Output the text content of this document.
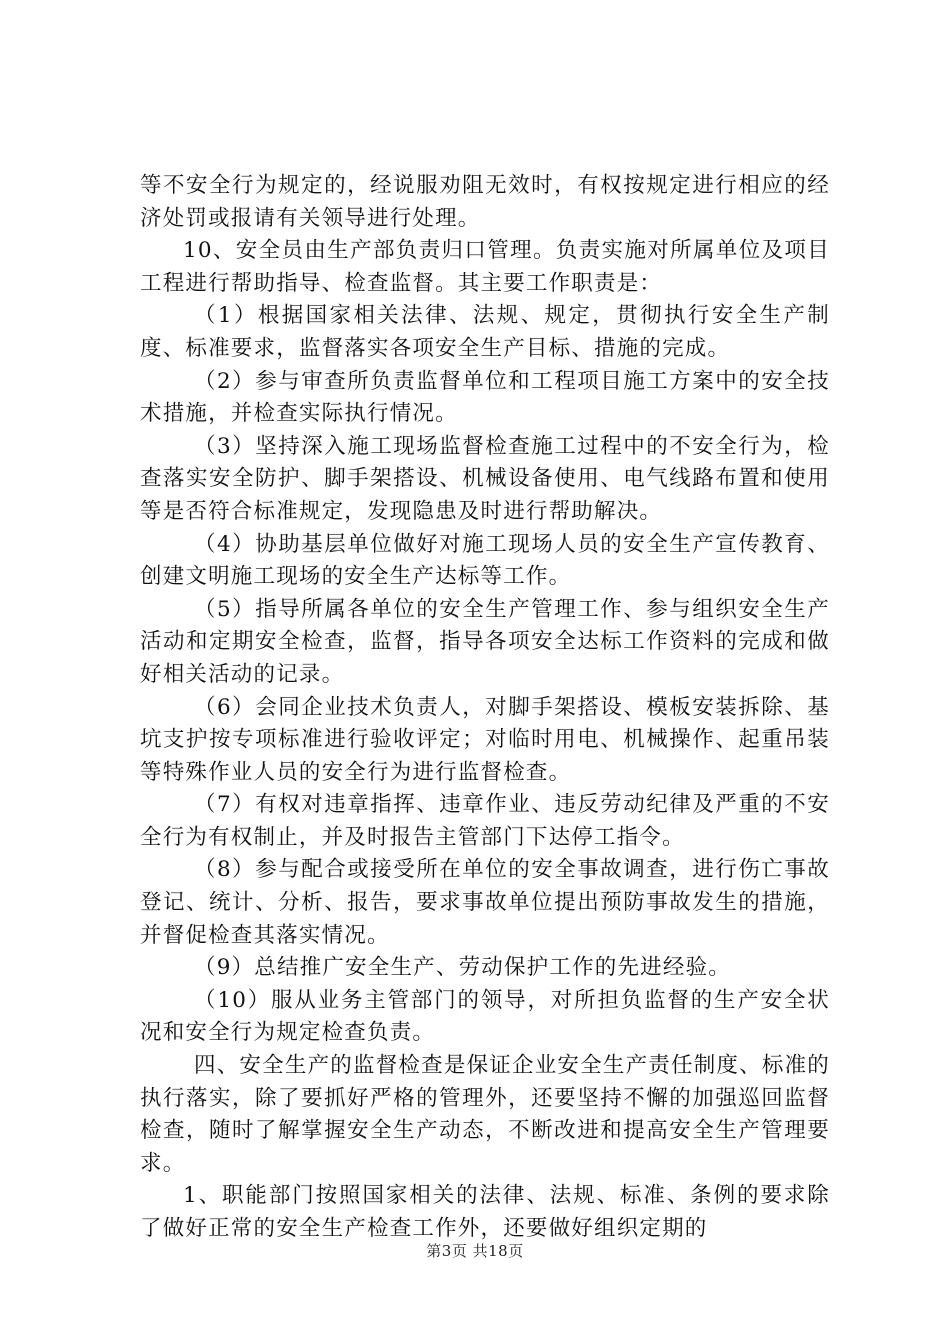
等不安全行为规定的，经说服劝阻无效时，有权按规定进行相应的经济处罚或报请有关领导进行处理。

10、安全员由生产部负责归口管理。负责实施对所属单位及项目工程进行帮助指导、检查监督。其主要工作职责是：

（1）根据国家相关法律、法规、规定，贯彻执行安全生产制度、标准要求，监督落实各项安全生产目标、措施的完成。

（2）参与审查所负责监督单位和工程项目施工方案中的安全技术措施，并检查实际执行情况。

（3）坚持深入施工现场监督检查施工过程中的不安全行为，检查落实安全防护、脚手架搭设、机械设备使用、电气线路布置和使用等是否符合标准规定，发现隐患及时进行帮助解决。

（4）协助基层单位做好对施工现场人员的安全生产宣传教育、创建文明施工现场的安全生产达标等工作。

（5）指导所属各单位的安全生产管理工作、参与组织安全生产活动和定期安全检查，监督，指导各项安全达标工作资料的完成和做好相关活动的记录。

（6）会同企业技术负责人，对脚手架搭设、模板安装拆除、基坑支护按专项标准进行验收评定；对临时用电、机械操作、起重吊装等特殊作业人员的安全行为进行监督检查。

（7）有权对违章指挥、违章作业、违反劳动纪律及严重的不安全行为有权制止，并及时报告主管部门下达停工指令。

（8）参与配合或接受所在单位的安全事故调查，进行伤亡事故登记、统计、分析、报告，要求事故单位提出预防事故发生的措施，并督促检查其落实情况。

（9）总结推广安全生产、劳动保护工作的先进经验。

（10）服从业务主管部门的领导，对所担负监督的生产安全状况和安全行为规定检查负责。

四、安全生产的监督检查是保证企业安全生产责任制度、标准的执行落实，除了要抓好严格的管理外，还要坚持不懈的加强巡回监督检查，随时了解掌握安全生产动态，不断改进和提高安全生产管理要求。

1、职能部门按照国家相关的法律、法规、标准、条例的要求除了做好正常的安全生产检查工作外，还要做好组织定期的

第3页 共18页
